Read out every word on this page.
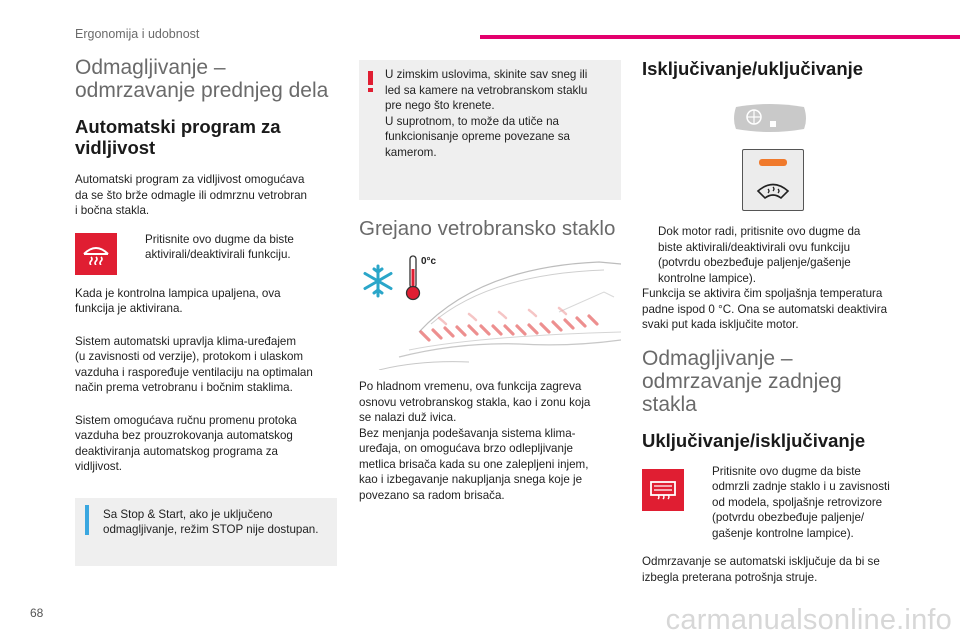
Ergonomija i udobnost
Odmagljivanje –
odmrzavanje prednjeg dela
Automatski program za
vidljivost
Automatski program za vidljivost omogućava
da se što brže odmagle ili odmrznu vetrobran
i bočna stakla.
Pritisnite ovo dugme da biste
aktivirali/deaktivirali funkciju.
Kada je kontrolna lampica upaljena, ova
funkcija je aktivirana.
Sistem automatski upravlja klima-uređajem
(u zavisnosti od verzije), protokom i ulaskom
vazduha i raspoređuje ventilaciju na optimalan
način prema vetrobranu i bočnim staklima.
Sistem omogućava ručnu promenu protoka
vazduha bez prouzrokovanja automatskog
deaktiviranja automatskog programa za
vidljivost.
Sa Stop & Start, ako je uključeno
odmagljivanje, režim STOP nije dostupan.
U zimskim uslovima, skinite sav sneg ili
led sa kamere na vetrobranskom staklu
pre nego što krenete.
U suprotnom, to može da utiče na
funkcionisanje opreme povezane sa
kamerom.
Grejano vetrobransko staklo
0°c
Po hladnom vremenu, ova funkcija zagreva
osnovu vetrobranskog stakla, kao i zonu koja
se nalazi duž ivica.
Bez menjanja podešavanja sistema klima-
uređaja, on omogućava brzo odlepljivanje
metlica brisača kada su one zalepljeni injem,
kao i izbegavanje nakupljanja snega koje je
povezano sa radom brisača.
Isključivanje/uključivanje
Dok motor radi, pritisnite ovo dugme da
biste aktivirali/deaktivirali ovu funkciju
(potvrdu obezbeđuje paljenje/gašenje
kontrolne lampice).
Funkcija se aktivira čim spoljašnja temperatura
padne ispod 0 °C. Ona se automatski deaktivira
svaki put kada isključite motor.
Odmagljivanje –
odmrzavanje zadnjeg
stakla
Uključivanje/isključivanje
Pritisnite ovo dugme da biste
odmrzli zadnje staklo i u zavisnosti
od modela, spoljašnje retrovizore
(potvrdu obezbeđuje paljenje/
gašenje kontrolne lampice).
Odmrzavanje se automatski isključuje da bi se
izbegla preterana potrošnja struje.
68	carmanualsonline.info
